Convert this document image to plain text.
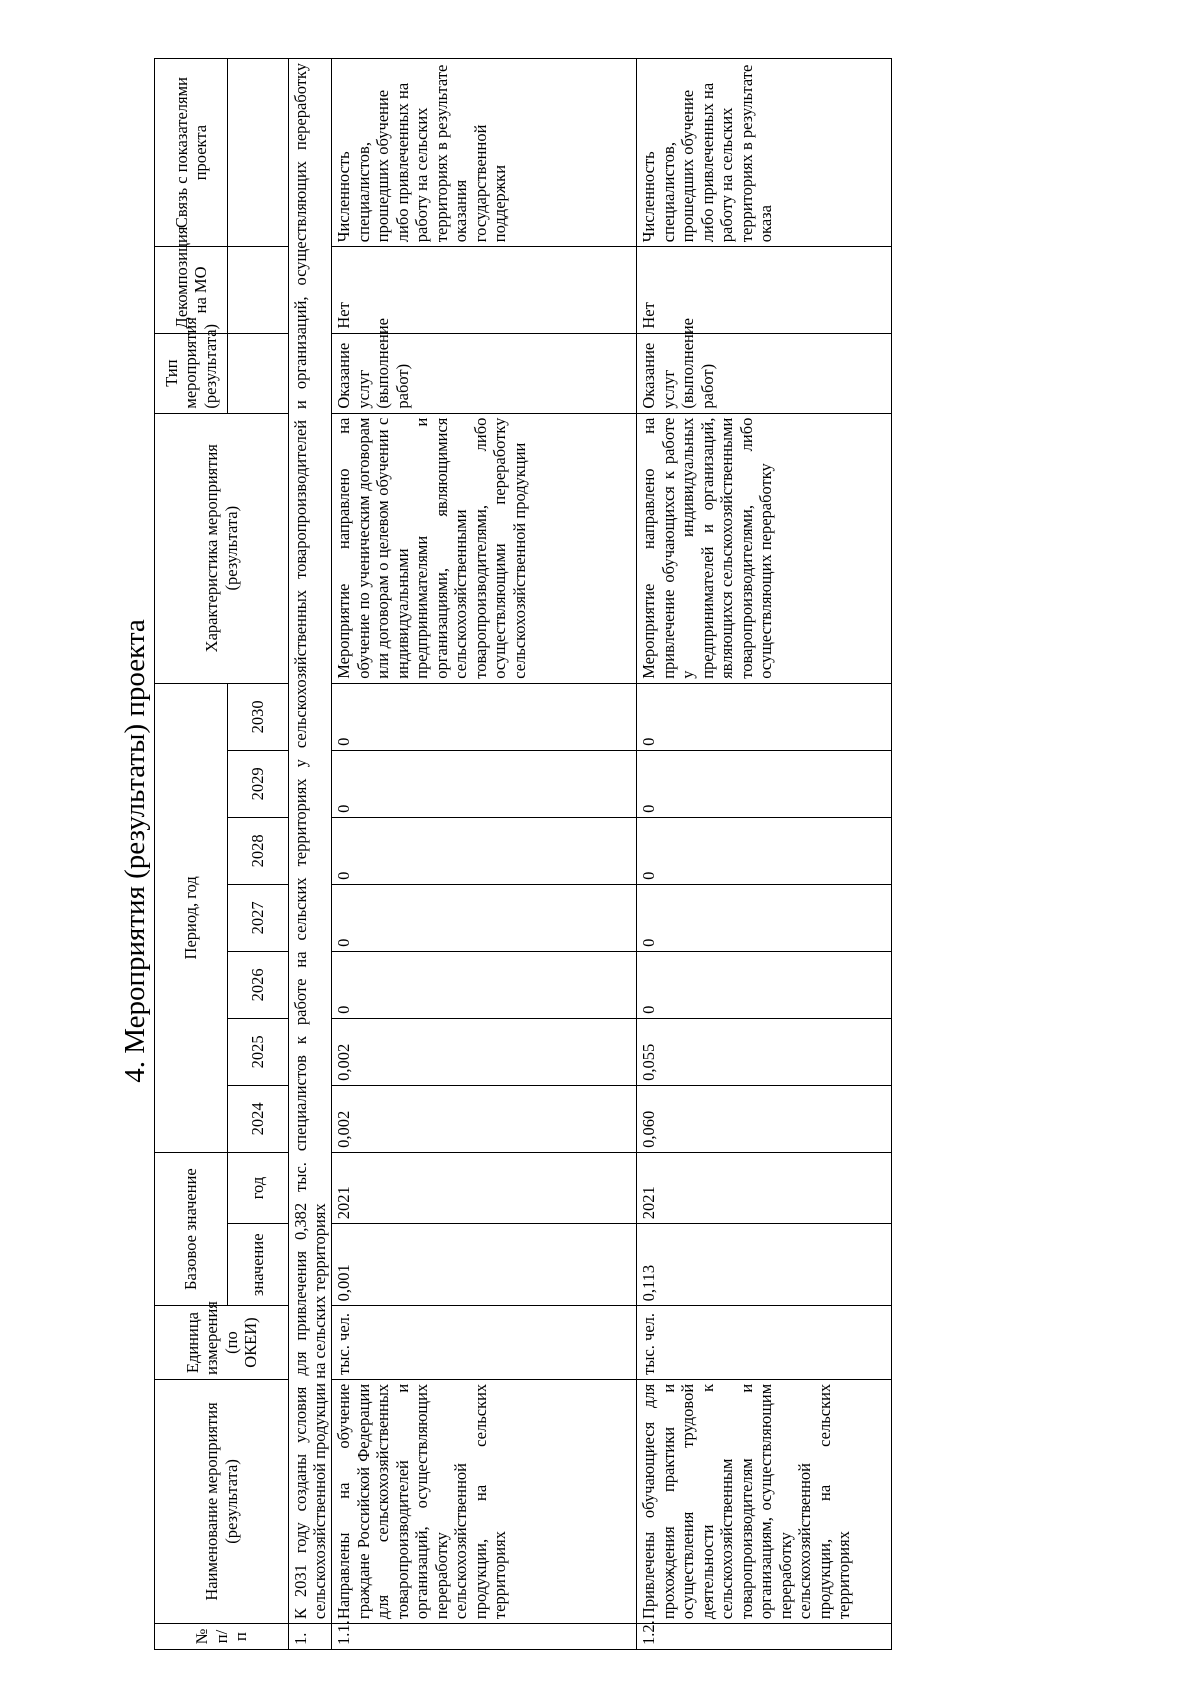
4. Мероприятия (результаты) проекта
№ п/п	Наименование мероприятия (результата)	Единица измерения (по ОКЕИ)	Базовое значение		Период, год							Характеристика мероприятия (результата)	Тип мероприятия (результата)	Декомпозиция на МО	Связь с показателями проекта

			значение	год	2024	2025	2026	2027	2028	2029	2030				
1.	К 2031 году созданы условия для привлечения 0,382 тыс. специалистов к работе на сельских территориях у сельскохозяйственных товаропроизводителей и организаций, осуществляющих переработку сельскохозяйственной продукции на сельских территориях														
1.1.	Направлены на обучение граждане Российской Федерации для сельскохозяйственных товаропроизводителей и организаций, осуществляющих переработку сельскохозяйственной продукции, на сельских территориях	тыс. чел.	0,001	2021	0,002	0,002	0	0	0	0	0	Мероприятие направлено на обучение по ученическим договорам или договорам о целевом обучении с индивидуальными предпринимателями и организациями, являющимися сельскохозяйственными товаропроизводителями, либо осуществляющими переработку сельскохозяйственной продукции	Оказание услуг (выполнение работ)	Нет	Численность специалистов, прошедших обучение либо привлеченных на работу на сельских территориях в результате оказания государственной поддержки
1.2.	Привлечены обучающиеся для прохождения практики и осуществления трудовой деятельности к сельскохозяйственным товаропроизводителям и организациям, осуществляющим переработку сельскохозяйственной продукции, на сельских территориях	тыс. чел.	0,113	2021	0,060	0,055	0	0	0	0	0	Мероприятие направлено на привлечение обучающихся к работе у индивидуальных предпринимателей и организаций, являющихся сельскохозяйственными товаропроизводителями, либо осуществляющих переработку	Оказание услуг (выполнение работ)	Нет	Численность специалистов, прошедших обучение либо привлеченных на работу на сельских территориях в результате оказа
